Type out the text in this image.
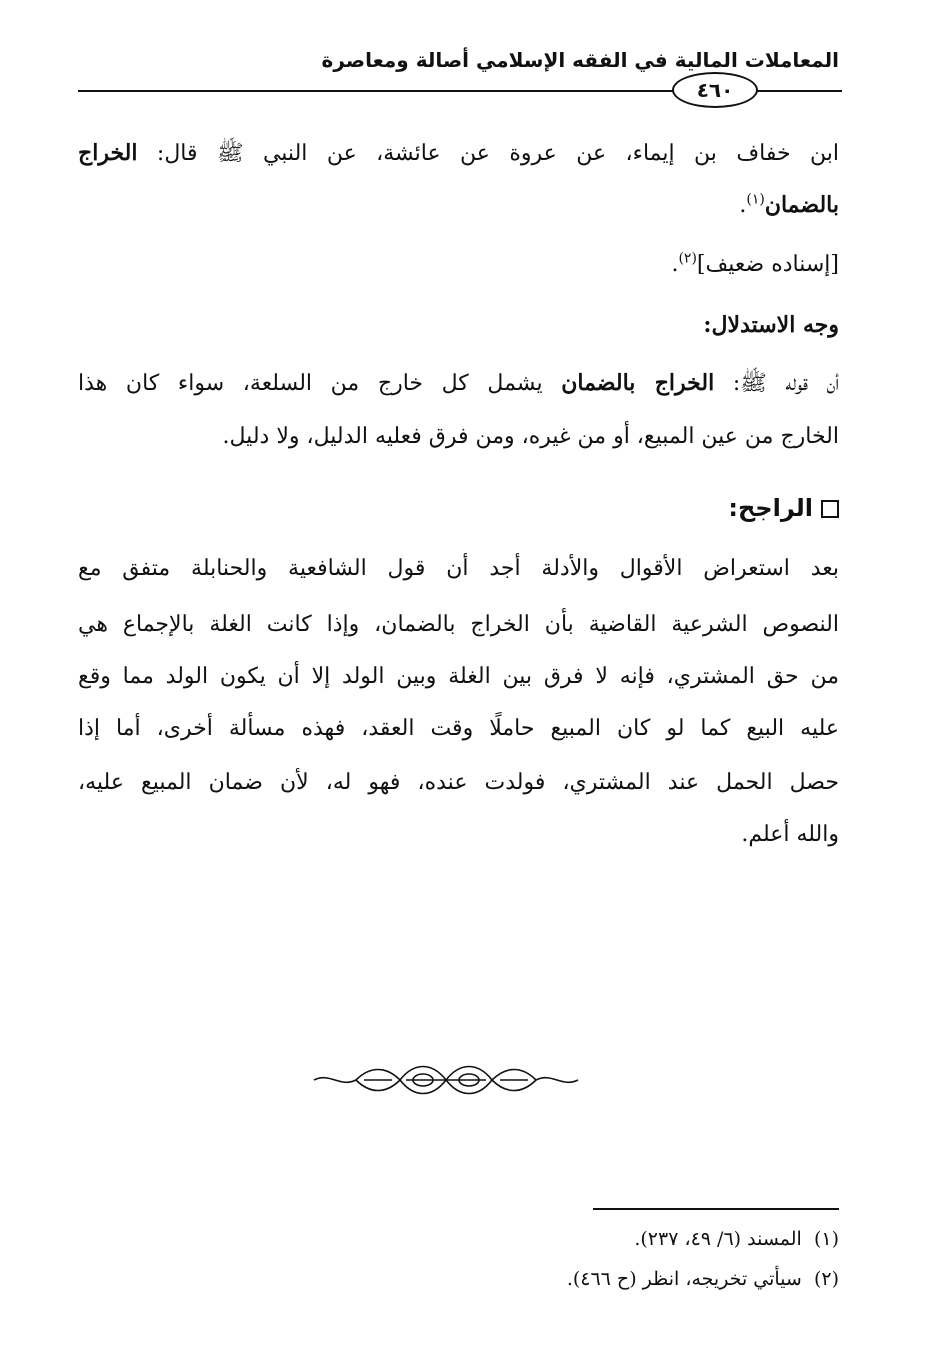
المعاملات المالية في الفقه الإسلامي أصالة ومعاصرة
٤٦٠
ابن خفاف بن إيماء، عن عروة عن عائشة، عن النبي ﷺ قال: الخراج
بالضمان$^{(١)}$.
[إسناده ضعيف]$^{(٢)}$.
وجه الاستدلال:
أن قوله ﷺ: الخراج بالضمان يشمل كل خارج من السلعة، سواء كان هذا
الخارج من عين المبيع، أو من غيره، ومن فرق فعليه الدليل، ولا دليل.
الراجح:
بعد استعراض الأقوال والأدلة أجد أن قول الشافعية والحنابلة متفق مع
النصوص الشرعية القاضية بأن الخراج بالضمان، وإذا كانت الغلة بالإجماع هي
من حق المشتري، فإنه لا فرق بين الغلة وبين الولد إلا أن يكون الولد مما وقع
عليه البيع كما لو كان المبيع حاملًا وقت العقد، فهذه مسألة أخرى، أما إذا
حصل الحمل عند المشتري، فولدت عنده، فهو له، لأن ضمان المبيع عليه،
والله أعلم.
(١)  المسند (٦/ ٤٩، ٢٣٧).
(٢)  سيأتي تخريجه، انظر (ح ٤٦٦).
